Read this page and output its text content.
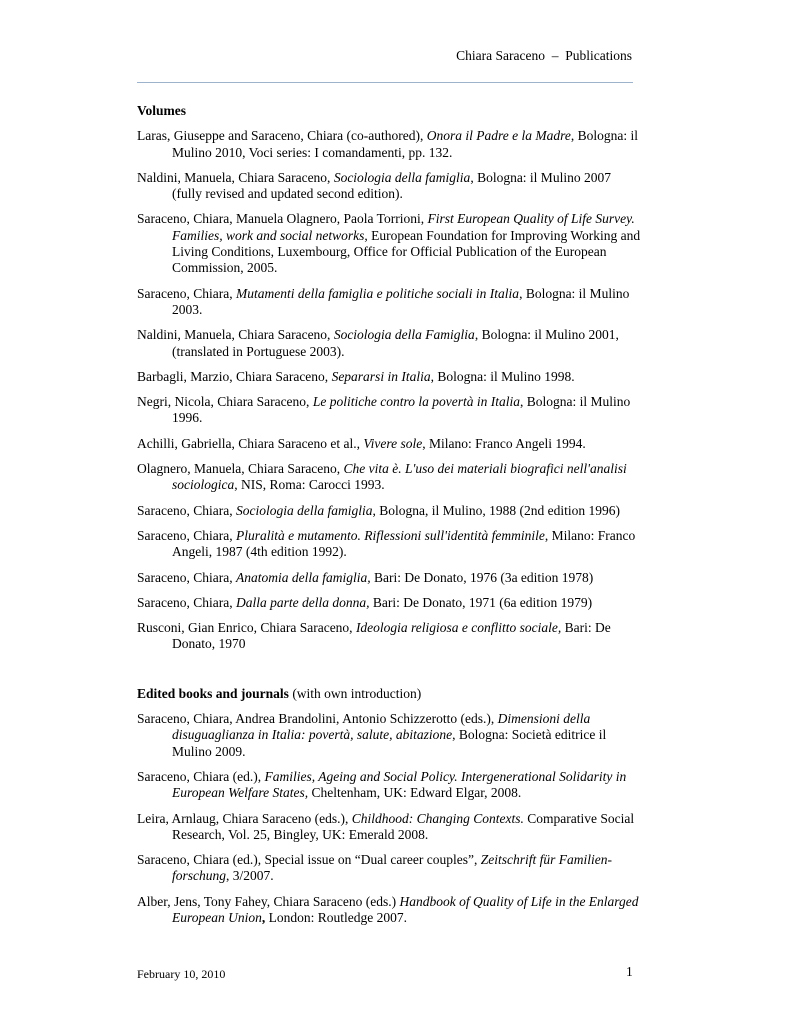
Chiara Saraceno  –  Publications
Volumes

Laras, Giuseppe and Saraceno, Chiara (co-authored), Onora il Padre e la Madre, Bologna: il Mulino 2010, Voci series: I comandamenti, pp. 132.

Naldini, Manuela, Chiara Saraceno, Sociologia della famiglia, Bologna: il Mulino 2007 (fully revised and updated second edition).

Saraceno, Chiara, Manuela Olagnero, Paola Torrioni, First European Quality of Life Survey. Families, work and social networks, European Foundation for Improving Working and Living Conditions, Luxembourg, Office for Official Publication of the European Commission, 2005.

Saraceno, Chiara, Mutamenti della famiglia e politiche sociali in Italia, Bologna: il Mulino 2003.

Naldini, Manuela, Chiara Saraceno, Sociologia della Famiglia, Bologna: il Mulino 2001, (translated in Portuguese 2003).

Barbagli, Marzio, Chiara Saraceno, Separarsi in Italia, Bologna: il Mulino 1998.

Negri, Nicola, Chiara Saraceno, Le politiche contro la povertà in Italia, Bologna: il Mulino 1996.

Achilli, Gabriella, Chiara Saraceno et al., Vivere sole, Milano: Franco Angeli 1994.

Olagnero, Manuela, Chiara Saraceno, Che vita è. L'uso dei materiali biografici nell'analisi sociologica, NIS, Roma: Carocci 1993.

Saraceno, Chiara, Sociologia della famiglia, Bologna, il Mulino, 1988 (2nd edition 1996)

Saraceno, Chiara, Pluralità e mutamento. Riflessioni sull'identità femminile, Milano: Franco Angeli, 1987 (4th edition 1992).

Saraceno, Chiara, Anatomia della famiglia, Bari: De Donato, 1976 (3a edition 1978)

Saraceno, Chiara, Dalla parte della donna, Bari: De Donato, 1971 (6a edition 1979)

Rusconi, Gian Enrico, Chiara Saraceno, Ideologia religiosa e conflitto sociale, Bari: De Donato, 1970

Edited books and journals (with own introduction)

Saraceno, Chiara, Andrea Brandolini, Antonio Schizzerotto (eds.), Dimensioni della disuguaglianza in Italia: povertà, salute, abitazione, Bologna: Società editrice il Mulino 2009.

Saraceno, Chiara (ed.), Families, Ageing and Social Policy. Intergenerational Solidarity in European Welfare States, Cheltenham, UK: Edward Elgar, 2008.

Leira, Arnlaug, Chiara Saraceno (eds.), Childhood: Changing Contexts. Comparative Social Research, Vol. 25, Bingley, UK: Emerald 2008.

Saraceno, Chiara (ed.), Special issue on “Dual career couples”, Zeitschrift für Familien-forschung, 3/2007.

Alber, Jens, Tony Fahey, Chiara Saraceno (eds.) Handbook of Quality of Life in the Enlarged European Union, London: Routledge 2007.

February 10, 2010	1
